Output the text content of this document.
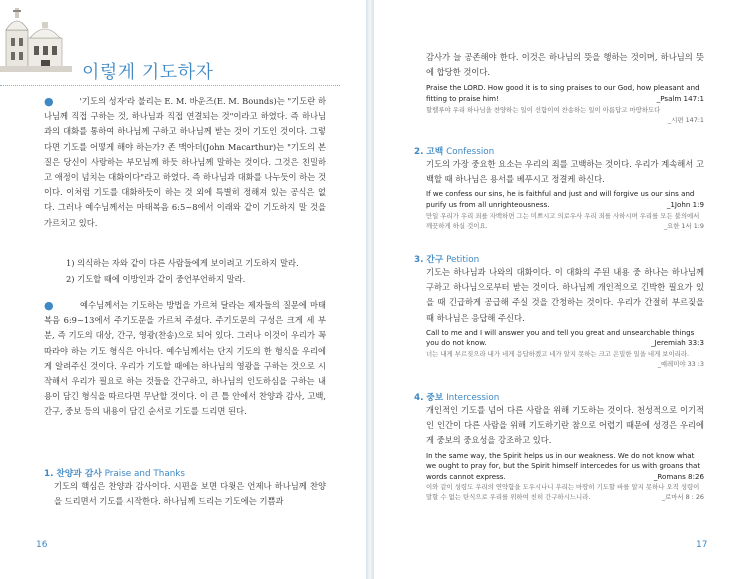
이렇게 기도하자

●	'기도의 성자'라 불리는 E. M. 바운즈(E. M. Bounds)는 "기도란 하나님께 직접 구하는 것, 하나님과 직접 연결되는 것"이라고 하였다. 즉 하나님과의 대화를 통하여 하나님께 구하고 하나님께 받는 것이 기도인 것이다. 그렇다면 기도를 어떻게 해야 하는가? 존 맥아더(John Macarthur)는 "기도의 본질은 당신이 사랑하는 부모님께 하듯 하나님께 말하는 것이다. 그것은 친밀하고 애정이 넘치는 대화이다"라고 하였다. 즉 하나님과 대화를 나누듯이 하는 것이다. 이처럼 기도를 대화하듯이 하는 것 외에 특별히 정해져 있는 공식은 없다. 그러나 예수님께서는 마태복음 6:5~8에서 이래와 같이 기도하지 말 것을 가르치고 있다.

1) 의식하는 자와 같이 다른 사람들에게 보이려고 기도하지 말라.

2) 기도할 때에 이방인과 같이 중언부언하지 말라.

●	예수님께서는 기도하는 방법을 가르쳐 달라는 제자들의 질문에 마태복음 6:9~13에서 주기도문을 가르쳐 주셨다. 주기도문의 구성은 크게 세 부분, 즉 기도의 대상, 간구, 영광(찬송)으로 되어 있다. 그러나 이것이 우리가 꼭 따라야 하는 기도 형식은 아니다. 예수님께서는 단지 기도의 한 형식을 우리에게 알려주신 것이다. 우리가 기도할 때에는 하나님의 영광을 구하는 것으로 시작해서 우리가 필요로 하는 것들을 간구하고, 하나님의 인도하심을 구하는 내용이 담긴 형식을 따르다면 무난할 것이다. 이 큰 틀 안에서 찬양과 감사, 고백, 간구, 중보 등의 내용이 담긴 순서로 기도를 드리면 된다.

1. 찬양과 감사 Praise and Thanks

기도의 핵심은 찬양과 감사이다. 시편을 보면 다윗은 언제나 하나님께 찬양을 드리면서 기도를 시작한다. 하나님께 드리는 기도에는 기쁨과

16

감사가 늘 공존해야 한다. 이것은 하나님의 뜻을 행하는 것이며, 하나님의 뜻에 합당한 것이다.

Praise the LORD. How good it is to sing praises to our God, how pleasant and fitting to praise him!	_Psalm 147:1

할렐루야 우리 하나님을 찬양하는 일이 선함이여 찬송하는 일이 아름답고 마땅하도다

_시편 147:1

2. 고백 Confession

기도의 가장 중요한 요소는 우리의 죄를 고백하는 것이다. 우리가 계속해서 고백할 때 하나님은 용서를 베푸시고 정결케 하신다.

If we confess our sins, he is faithful and just and will forgive us our sins and purify us from all unrighteousness.	_1John 1:9

만일 우리가 우리 죄를 자백하면 그는 미쁘시고 의로우사 우리 죄를 사하시며 우리를 모든 불의에서 깨끗하게 하실 것이요.	_요한 1서 1:9

3. 간구 Petition

기도는 하나님과 나와의 대화이다. 이 대화의 주된 내용 중 하나는 하나님께 구하고 하나님으로부터 받는 것이다. 하나님께 개인적으로 긴박한 필요가 있을 때 긴급하게 공급해 주실 것을 간청하는 것이다. 우리가 간절히 부르짖을 때 하나님은 응답해 주신다.

Call to me and I will answer you and tell you great and unsearchable things you do not know.	_Jeremiah 33:3

너는 내게 부르짖으라 내가 네게 응답하겠고 네가 알지 못하는 크고 은밀한 일을 네게 보이리라.

_예레미야 33 :3

4. 중보 Intercession

개인적인 기도를 넘어 다른 사람을 위해 기도하는 것이다. 천성적으로 이기적인 인간이 다른 사람을 위해 기도하기란 참으로 어렵기 때문에 성경은 우리에게 중보의 중요성을 강조하고 있다.

In the same way, the Spirit helps us in our weakness. We do not know what we ought to pray for, but the Spirit himself intercedes for us with groans that words cannot express.	_Romans 8:26

이와 같이 성령도 우리의 연약함을 도우시나니 우리는 마땅히 기도할 바를 알지 못하나 오직 성령이 말할 수 없는 탄식으로 우리를 위하여 친히 간구하시느니라.	_로마서 8 : 26

17
